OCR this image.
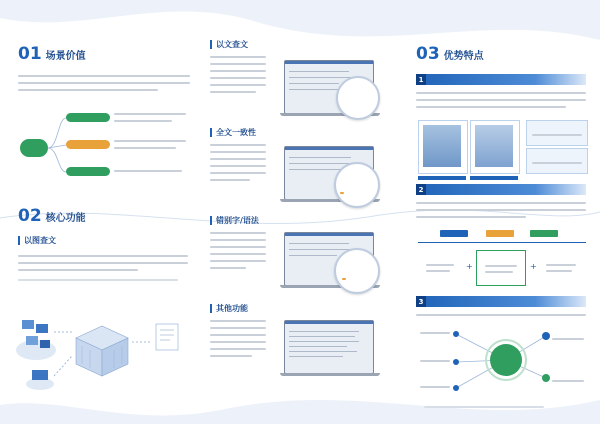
01 场景价值
02 核心功能
以图查文
以文查文
全文一致性
错别字/语法
其他功能
03 优势特点
1
2
+	+
3
